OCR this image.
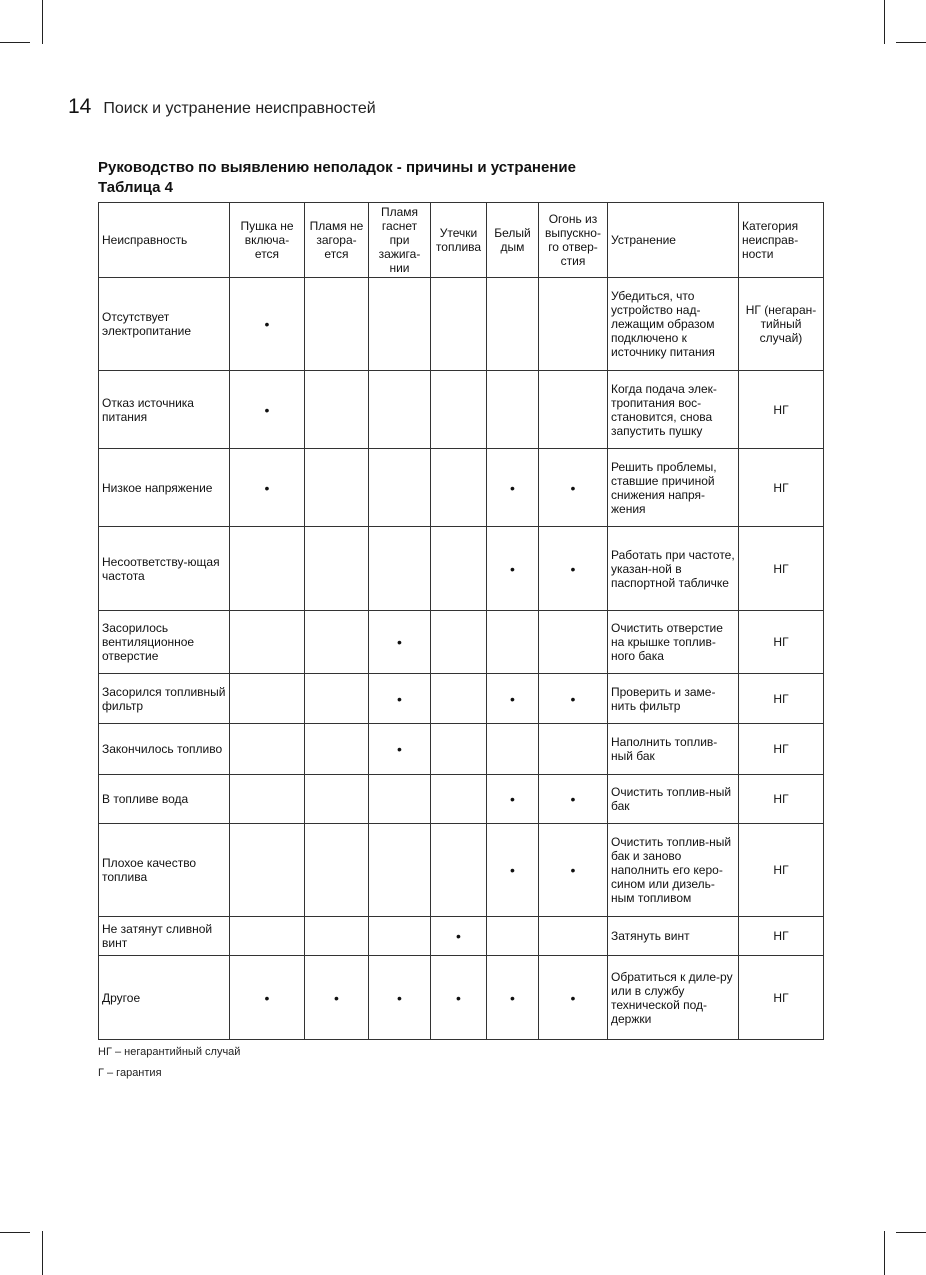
14 Поиск и устранение неисправностей
Руководство по выявлению неполадок - причины и устранение
Таблица 4
Неисправность	Пушка не включа-ется	Пламя не загора-ется	Пламя гаснет при зажига-нии	Утечки топлива	Белый дым	Огонь из выпускно-го отвер-стия	Устранение	Категория неисправ-ности
Отсутствует электропитание	•						Убедиться, что устройство над-лежащим образом подключено к источнику питания	НГ (негаран-тийный случай)
Отказ источника питания	•						Когда подача элек-тропитания вос-становится, снова запустить пушку	НГ
Низкое напряжение	•				•	•	Решить проблемы, ставшие причиной снижения напря-жения	НГ
Несоответству-ющая частота					•	•	Работать при частоте, указан-ной в паспортной табличке	НГ
Засорилось вентиляционное отверстие			•				Очистить отверстие на крышке топлив-ного бака	НГ
Засорился топливный фильтр			•		•	•	Проверить и заме-нить фильтр	НГ
Закончилось топливо			•				Наполнить топлив-ный бак	НГ
В топливе вода					•	•	Очистить топлив-ный бак	НГ
Плохое качество топлива					•	•	Очистить топлив-ный бак и заново наполнить его керо-сином или дизель-ным топливом	НГ
Не затянут сливной винт				•			Затянуть винт	НГ
Другое	•	•	•	•	•	•	Обратиться к диле-ру или в службу технической под-держки	НГ
НГ – негарантийный случай
Г – гарантия
